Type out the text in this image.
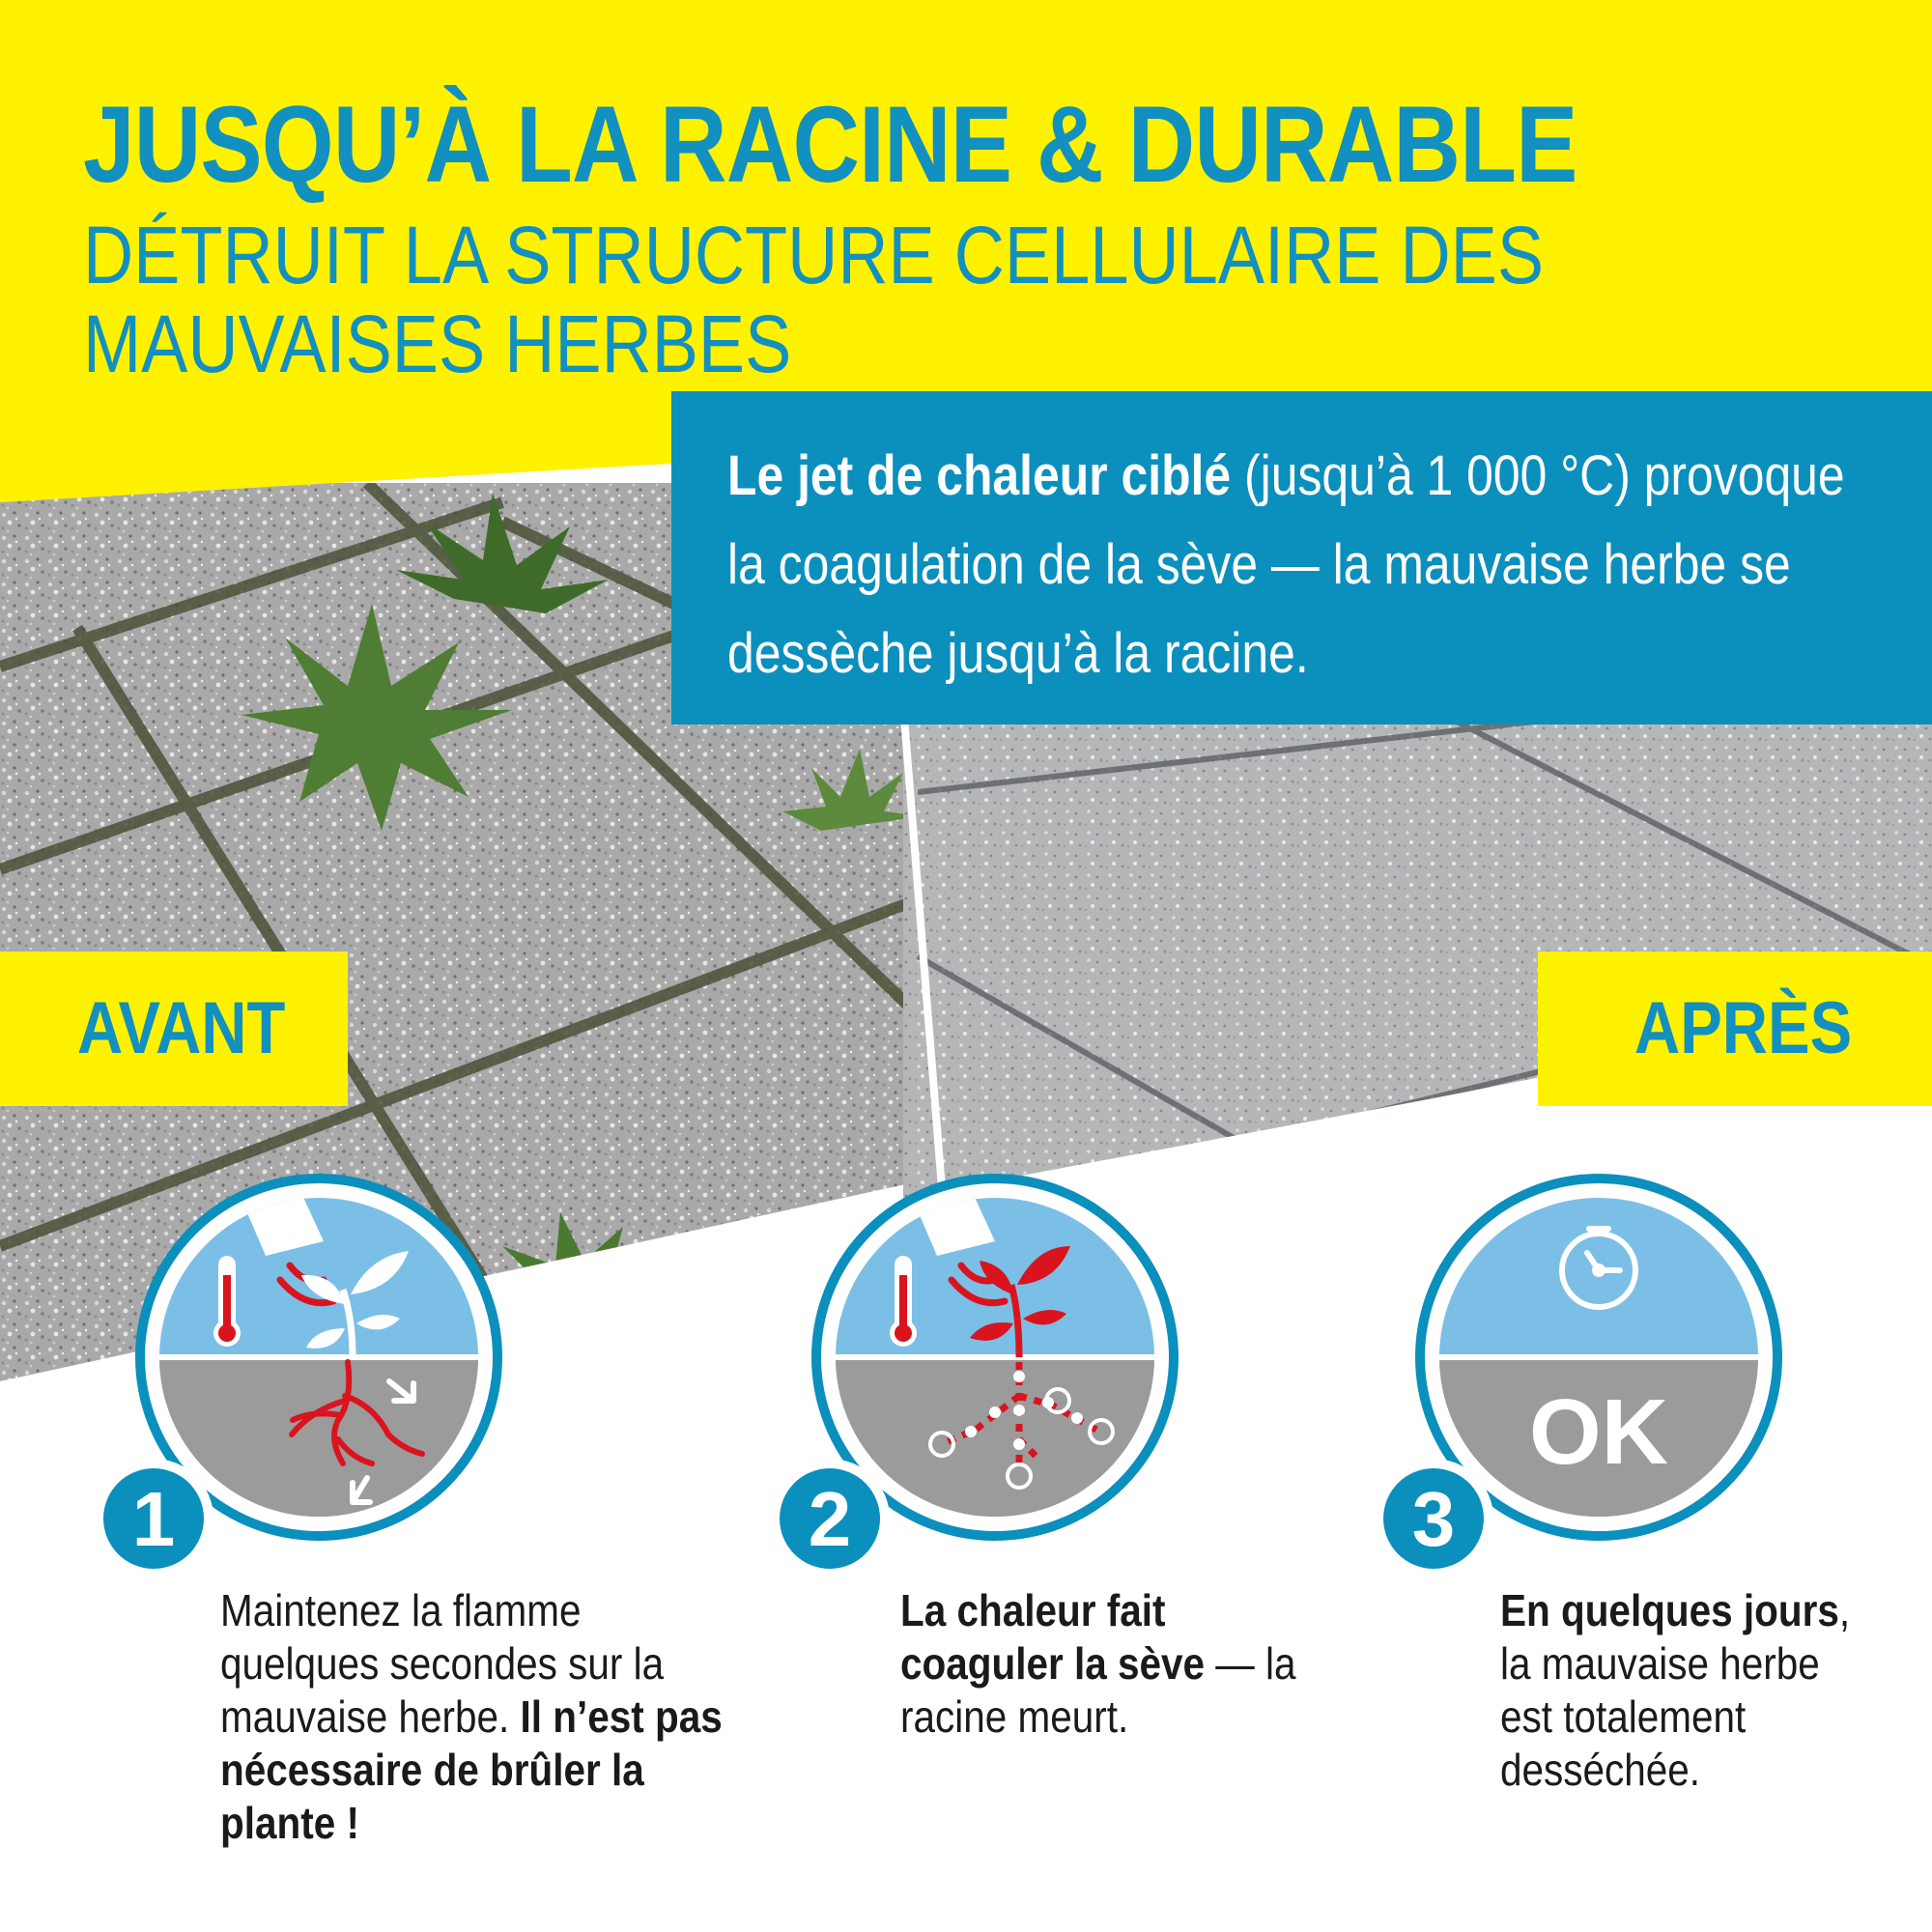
JUSQU’À LA RACINE & DURABLE

DÉTRUIT LA STRUCTURE CELLULAIRE DES MAUVAISES HERBES

Le jet de chaleur ciblé (jusqu’à 1 000 °C) provoque la coagulation de la sève — la mauvaise herbe se dessèche jusqu’à la racine.

AVANT	APRÈS
1

Maintenez la flamme quelques secondes sur la mauvaise herbe. Il n’est pas nécessaire de brûler la plante !

2

La chaleur fait coaguler la sève — la racine meurt.

OK
3

En quelques jours, la mauvaise herbe est totalement desséchée.
